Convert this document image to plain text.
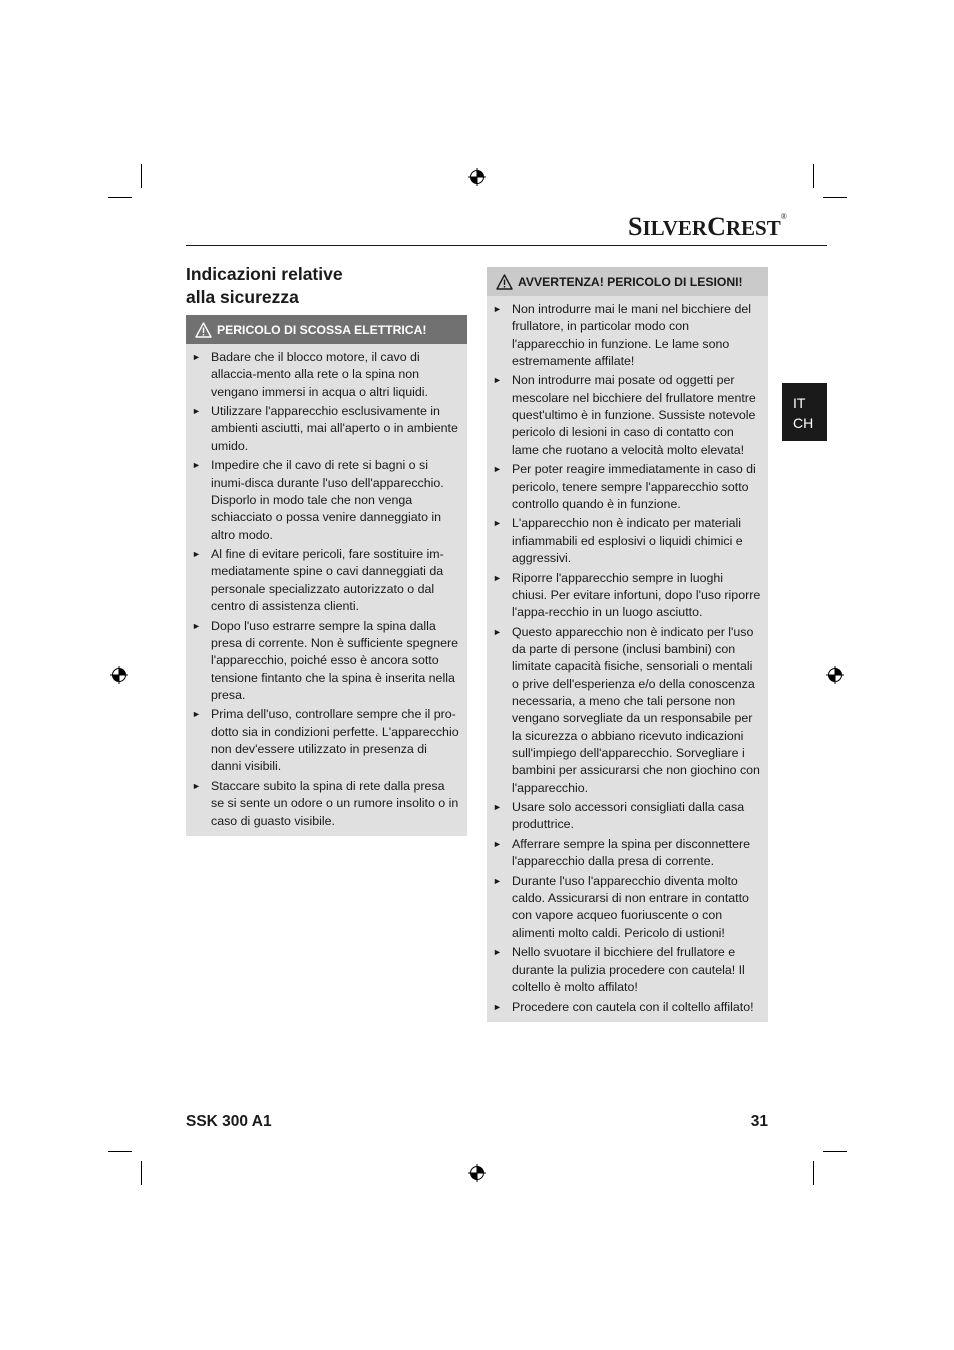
SILVERCREST®
Indicazioni relative
alla sicurezza
PERICOLO DI SCOSSA ELETTRICA!
► Badare che il blocco motore, il cavo di allaccia-mento alla rete o la spina non vengano immersi in acqua o altri liquidi.
► Utilizzare l'apparecchio esclusivamente in ambienti asciutti, mai all'aperto o in ambiente umido.
► Impedire che il cavo di rete si bagni o si inumi-disca durante l'uso dell'apparecchio. Disporlo in modo tale che non venga schiacciato o possa venire danneggiato in altro modo.
► Al fine di evitare pericoli, fare sostituire im-mediatamente spine o cavi danneggiati da personale specializzato autorizzato o dal centro di assistenza clienti.
► Dopo l'uso estrarre sempre la spina dalla presa di corrente. Non è sufficiente spegnere l'apparecchio, poiché esso è ancora sotto tensione fintanto che la spina è inserita nella presa.
► Prima dell'uso, controllare sempre che il pro-dotto sia in condizioni perfette. L'apparecchio non dev'essere utilizzato in presenza di danni visibili.
► Staccare subito la spina di rete dalla presa se si sente un odore o un rumore insolito o in caso di guasto visibile.
AVVERTENZA! PERICOLO DI LESIONI!
► Non introdurre mai le mani nel bicchiere del frullatore, in particolar modo con l'apparecchio in funzione. Le lame sono estremamente affilate!
► Non introdurre mai posate od oggetti per mescolare nel bicchiere del frullatore mentre quest'ultimo è in funzione. Sussiste notevole pericolo di lesioni in caso di contatto con lame che ruotano a velocità molto elevata!
► Per poter reagire immediatamente in caso di pericolo, tenere sempre l'apparecchio sotto controllo quando è in funzione.
► L'apparecchio non è indicato per materiali infiammabili ed esplosivi o liquidi chimici e aggressivi.
► Riporre l'apparecchio sempre in luoghi chiusi. Per evitare infortuni, dopo l'uso riporre l'appa-recchio in un luogo asciutto.
► Questo apparecchio non è indicato per l'uso da parte di persone (inclusi bambini) con limitate capacità fisiche, sensoriali o mentali o prive dell'esperienza e/o della conoscenza necessaria, a meno che tali persone non vengano sorvegliate da un responsabile per la sicurezza o abbiano ricevuto indicazioni sull'impiego dell'apparecchio. Sorvegliare i bambini per assicurarsi che non giochino con l'apparecchio.
► Usare solo accessori consigliati dalla casa produttrice.
► Afferrare sempre la spina per disconnettere l'apparecchio dalla presa di corrente.
► Durante l'uso l'apparecchio diventa molto caldo. Assicurarsi di non entrare in contatto con vapore acqueo fuoriuscente o con alimenti molto caldi. Pericolo di ustioni!
► Nello svuotare il bicchiere del frullatore e durante la pulizia procedere con cautela! Il coltello è molto affilato!
► Procedere con cautela con il coltello affilato!
IT
CH
SSK 300 A1	31
